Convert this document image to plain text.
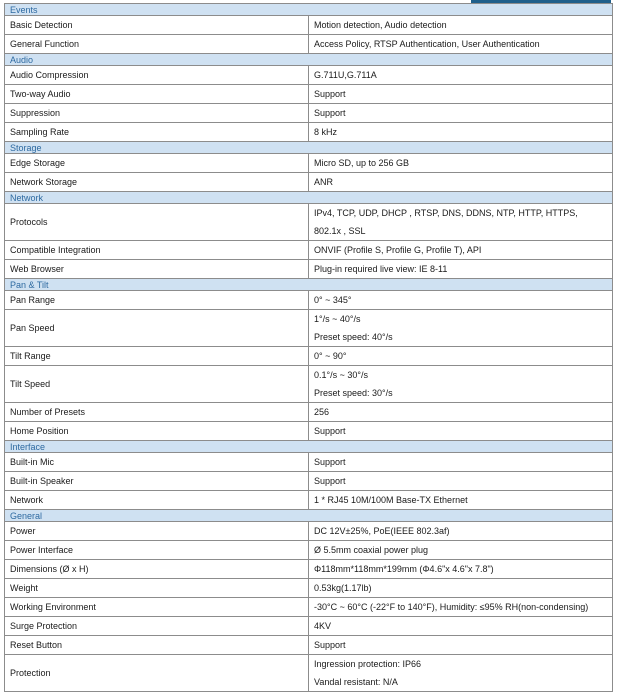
Events	
Basic Detection	Motion detection, Audio detection

General Function	Access Policy, RTSP Authentication, User Authentication

Audio	
Audio Compression	G.711U,G.711A

Two-way Audio	Support

Suppression	Support

Sampling Rate	8 kHz

Storage	
Edge Storage	Micro SD, up to 256 GB

Network Storage	ANR

Network	
Protocols	IPv4, TCP, UDP, DHCP , RTSP, DNS, DDNS, NTP, HTTP, HTTPS, 802.1x , SSL

Compatible Integration	ONVIF (Profile S, Profile G, Profile T), API

Web Browser	Plug-in required live view: IE 8-11

Pan & Tilt	
Pan Range	0° ~ 345°

Pan Speed	1°/s ~ 40°/s
Preset speed: 40°/s

Tilt Range	0° ~ 90°

Tilt Speed	0.1°/s ~ 30°/s
Preset speed: 30°/s

Number of Presets	256

Home Position	Support

Interface	
Built-in Mic	Support

Built-in Speaker	Support

Network	1 * RJ45 10M/100M Base-TX Ethernet

General	
Power	DC 12V±25%, PoE(IEEE 802.3af)

Power Interface	Ø 5.5mm coaxial power plug

Dimensions (Ø x H)	Φ118mm*118mm*199mm (Φ4.6"x 4.6"x 7.8")

Weight	0.53kg(1.17lb)

Working Environment	-30°C ~ 60°C (-22°F to 140°F), Humidity: ≤95% RH(non-condensing)

Surge Protection	4KV

Reset Button	Support

Protection	Ingression protection: IP66
Vandal resistant: N/A
